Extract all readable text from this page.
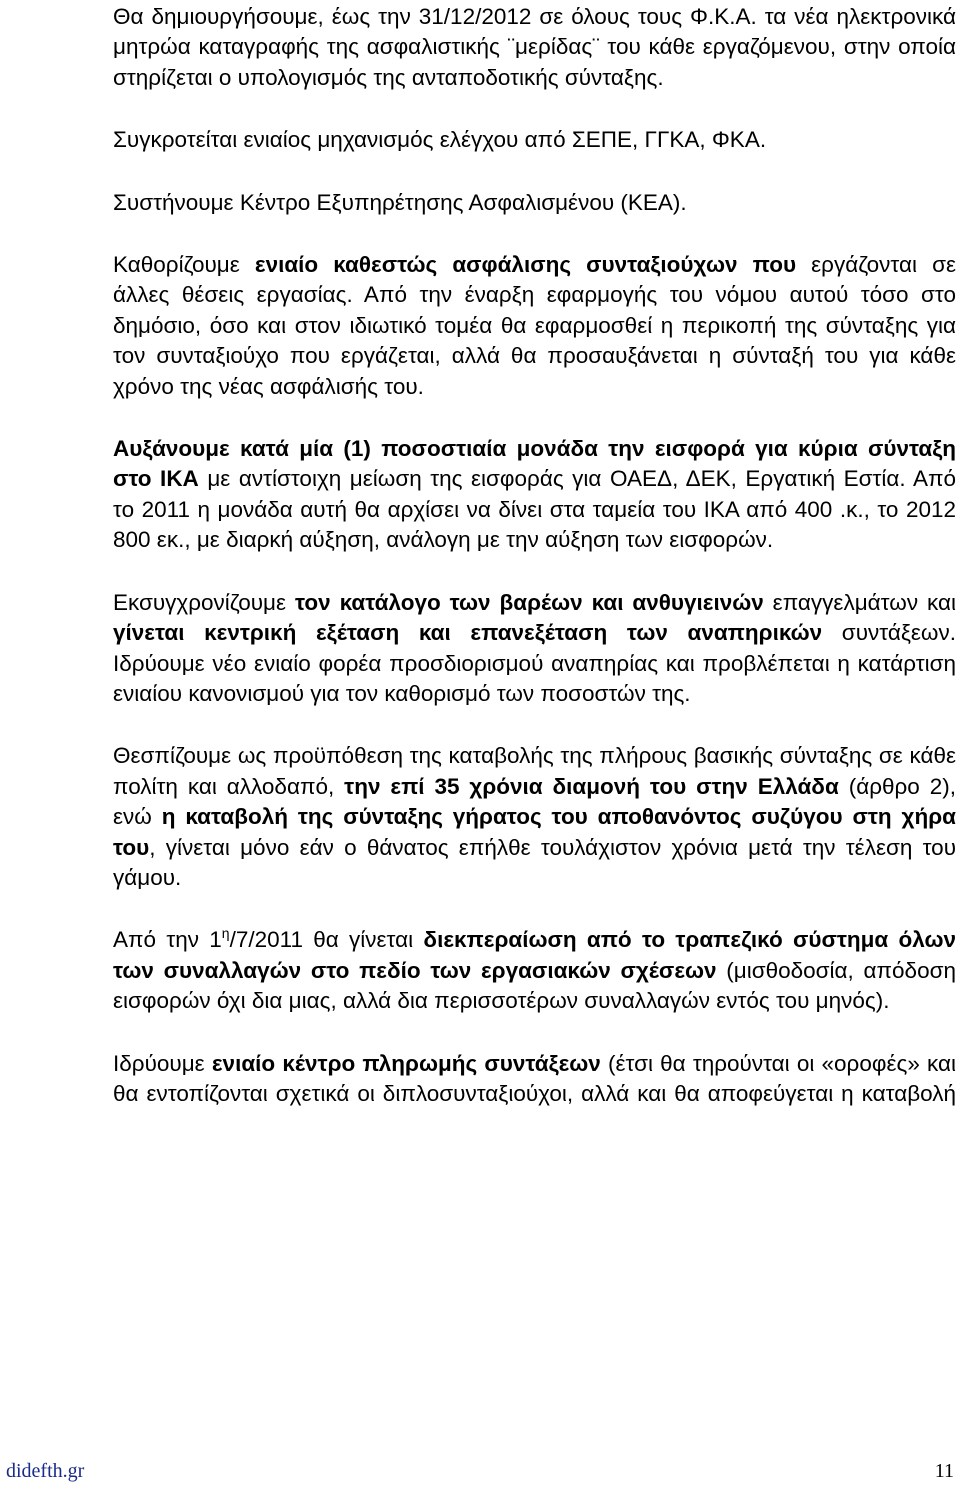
Θα δημιουργήσουμε, έως την 31/12/2012 σε όλους τους Φ.Κ.Α. τα νέα ηλεκτρονικά μητρώα καταγραφής της ασφαλιστικής ¨μερίδας¨ του κάθε εργαζόμενου, στην οποία στηρίζεται ο υπολογισμός της ανταποδοτικής σύνταξης.

Συγκροτείται ενιαίος μηχανισμός ελέγχου από ΣΕΠΕ, ΓΓΚΑ, ΦΚΑ.

Συστήνουμε Κέντρο Εξυπηρέτησης Ασφαλισμένου (ΚΕΑ).

Καθορίζουμε ενιαίο καθεστώς ασφάλισης συνταξιούχων που εργάζονται σε άλλες θέσεις εργασίας. Από την έναρξη εφαρμογής του νόμου αυτού τόσο στο δημόσιο, όσο και στον ιδιωτικό τομέα θα εφαρμοσθεί η περικοπή της σύνταξης για τον συνταξιούχο που εργάζεται, αλλά θα προσαυξάνεται η σύνταξή του για κάθε χρόνο της νέας ασφάλισής του.

Αυξάνουμε κατά μία (1) ποσοστιαία μονάδα την εισφορά για κύρια σύνταξη στο ΙΚΑ με αντίστοιχη μείωση της εισφοράς για ΟΑΕΔ, ΔΕΚ, Εργατική Εστία. Από το 2011 η μονάδα αυτή θα αρχίσει να δίνει στα ταμεία του ΙΚΑ από 400 .κ., το 2012 800 εκ., με διαρκή αύξηση, ανάλογη με την αύξηση των εισφορών.

Εκσυγχρονίζουμε τον κατάλογο των βαρέων και ανθυγιεινών επαγγελμάτων και γίνεται κεντρική εξέταση και επανεξέταση των αναπηρικών συντάξεων. Ιδρύουμε νέο ενιαίο φορέα προσδιορισμού αναπηρίας και προβλέπεται η κατάρτιση ενιαίου κανονισμού για τον καθορισμό των ποσοστών της.

Θεσπίζουμε ως προϋπόθεση της καταβολής της πλήρους βασικής σύνταξης σε κάθε πολίτη και αλλοδαπό, την επί 35 χρόνια διαμονή του στην Ελλάδα (άρθρο 2), ενώ η καταβολή της σύνταξης γήρατος του αποθανόντος συζύγου στη χήρα του, γίνεται μόνο εάν ο θάνατος επήλθε τουλάχιστον χρόνια μετά την τέλεση του γάμου.

Από την $1^\eta/7/2011$ θα γίνεται διεκπεραίωση από το τραπεζικό σύστημα όλων των συναλλαγών στο πεδίο των εργασιακών σχέσεων (μισθοδοσία, απόδοση εισφορών όχι δια μιας, αλλά δια περισσοτέρων συναλλαγών εντός του μηνός).

Ιδρύουμε ενιαίο κέντρο πληρωμής συντάξεων (έτσι θα τηρούνται οι «οροφές» και θα εντοπίζονται σχετικά οι διπλοσυνταξιούχοι, αλλά και θα αποφεύγεται η καταβολή

didefth.gr	11
